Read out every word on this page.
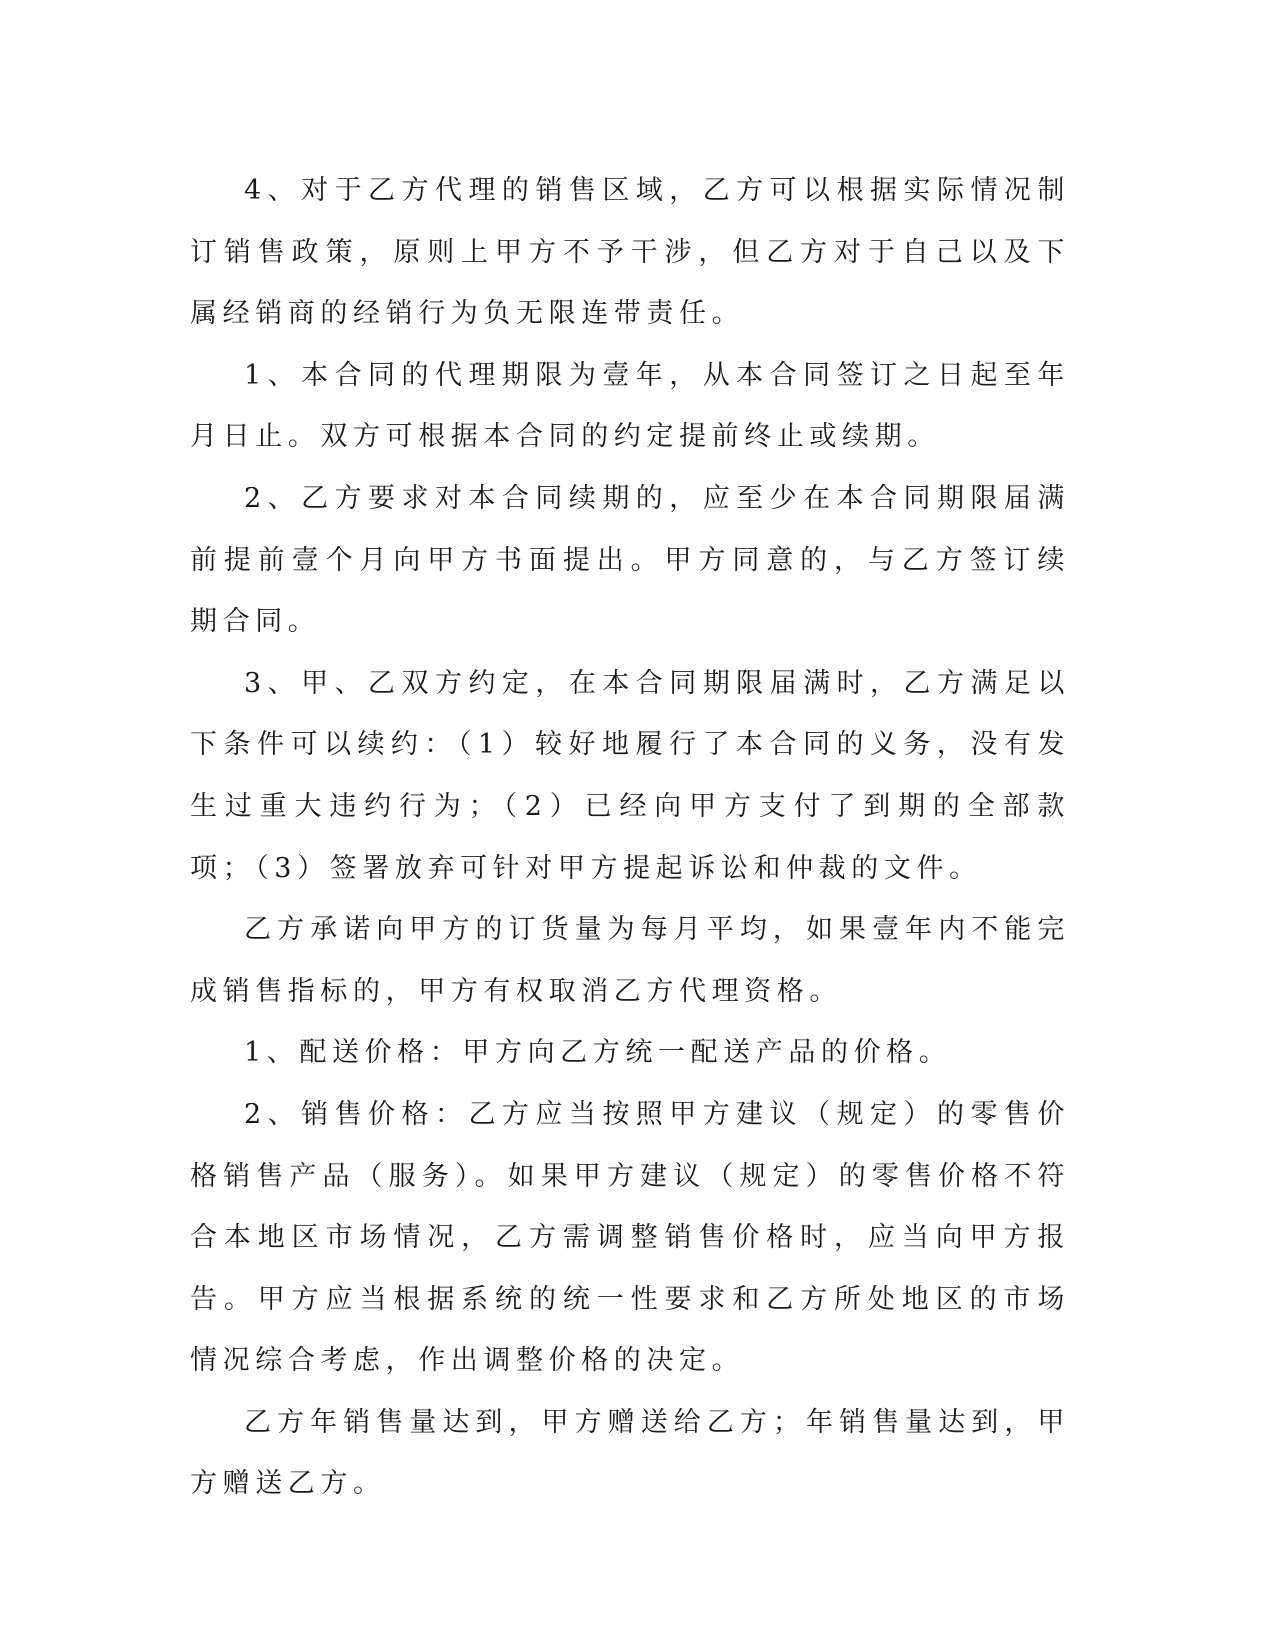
4、对于乙方代理的销售区域，乙方可以根据实际情况制订销售政策，原则上甲方不予干涉，但乙方对于自己以及下属经销商的经销行为负无限连带责任。

1、本合同的代理期限为壹年，从本合同签订之日起至年月日止。双方可根据本合同的约定提前终止或续期。

2、乙方要求对本合同续期的，应至少在本合同期限届满前提前壹个月向甲方书面提出。甲方同意的，与乙方签订续期合同。

3、甲、乙双方约定，在本合同期限届满时，乙方满足以下条件可以续约：（1）较好地履行了本合同的义务，没有发生过重大违约行为；（2）已经向甲方支付了到期的全部款项；（3）签署放弃可针对甲方提起诉讼和仲裁的文件。

乙方承诺向甲方的订货量为每月平均，如果壹年内不能完成销售指标的，甲方有权取消乙方代理资格。

1、配送价格：甲方向乙方统一配送产品的价格。

2、销售价格：乙方应当按照甲方建议（规定）的零售价格销售产品（服务）。如果甲方建议（规定）的零售价格不符合本地区市场情况，乙方需调整销售价格时，应当向甲方报告。甲方应当根据系统的统一性要求和乙方所处地区的市场情况综合考虑，作出调整价格的决定。

乙方年销售量达到，甲方赠送给乙方；年销售量达到，甲方赠送乙方。
